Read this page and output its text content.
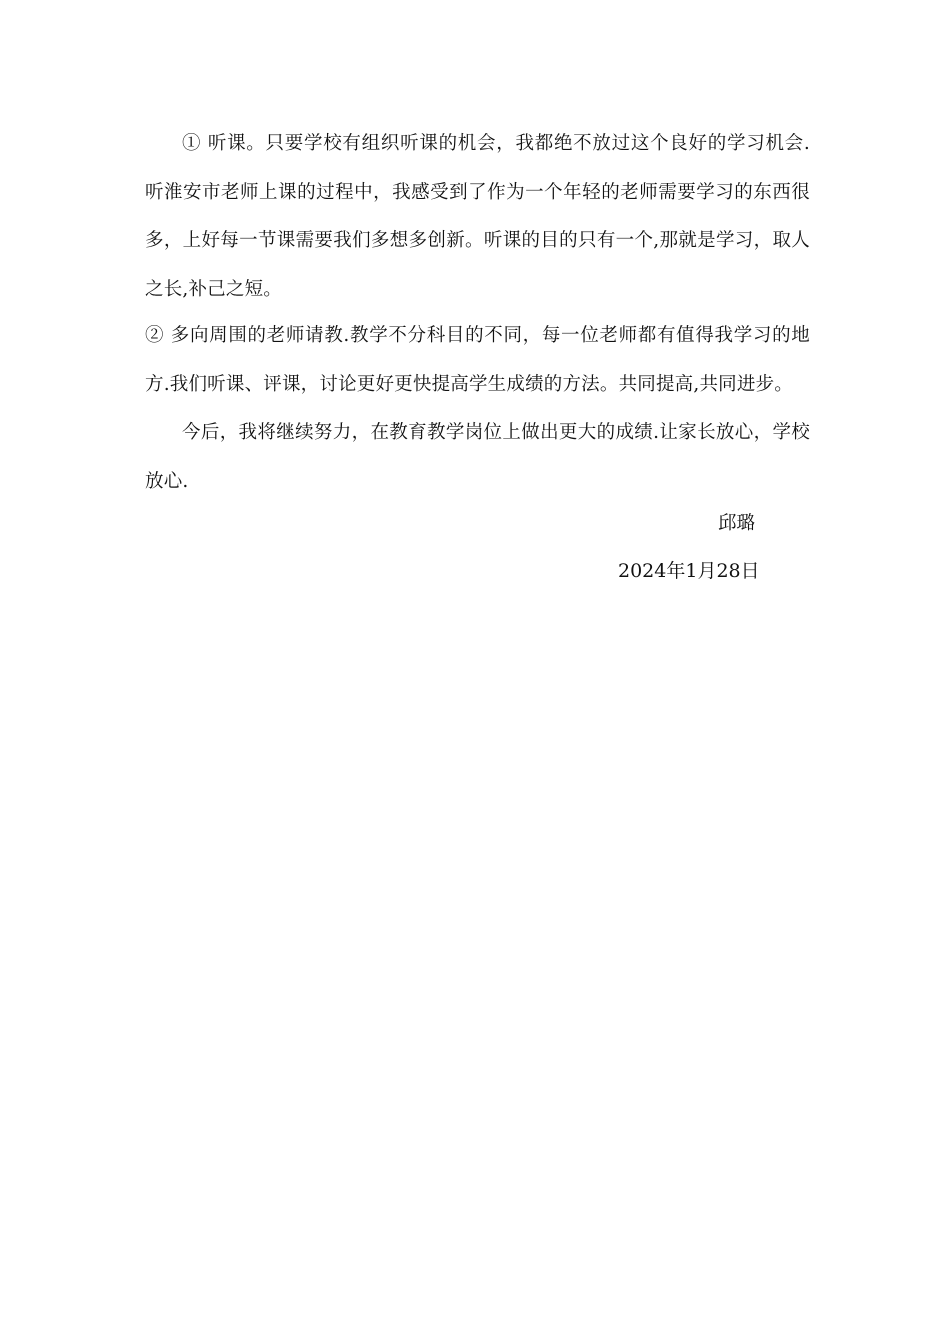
① 听课。只要学校有组织听课的机会，我都绝不放过这个良好的学习机会.听淮安市老师上课的过程中，我感受到了作为一个年轻的老师需要学习的东西很多，上好每一节课需要我们多想多创新。听课的目的只有一个,那就是学习，取人之长,补己之短。

② 多向周围的老师请教.教学不分科目的不同，每一位老师都有值得我学习的地方.我们听课、评课，讨论更好更快提高学生成绩的方法。共同提高,共同进步。

今后，我将继续努力，在教育教学岗位上做出更大的成绩.让家长放心，学校放心.

邱璐
2024年1月28日
